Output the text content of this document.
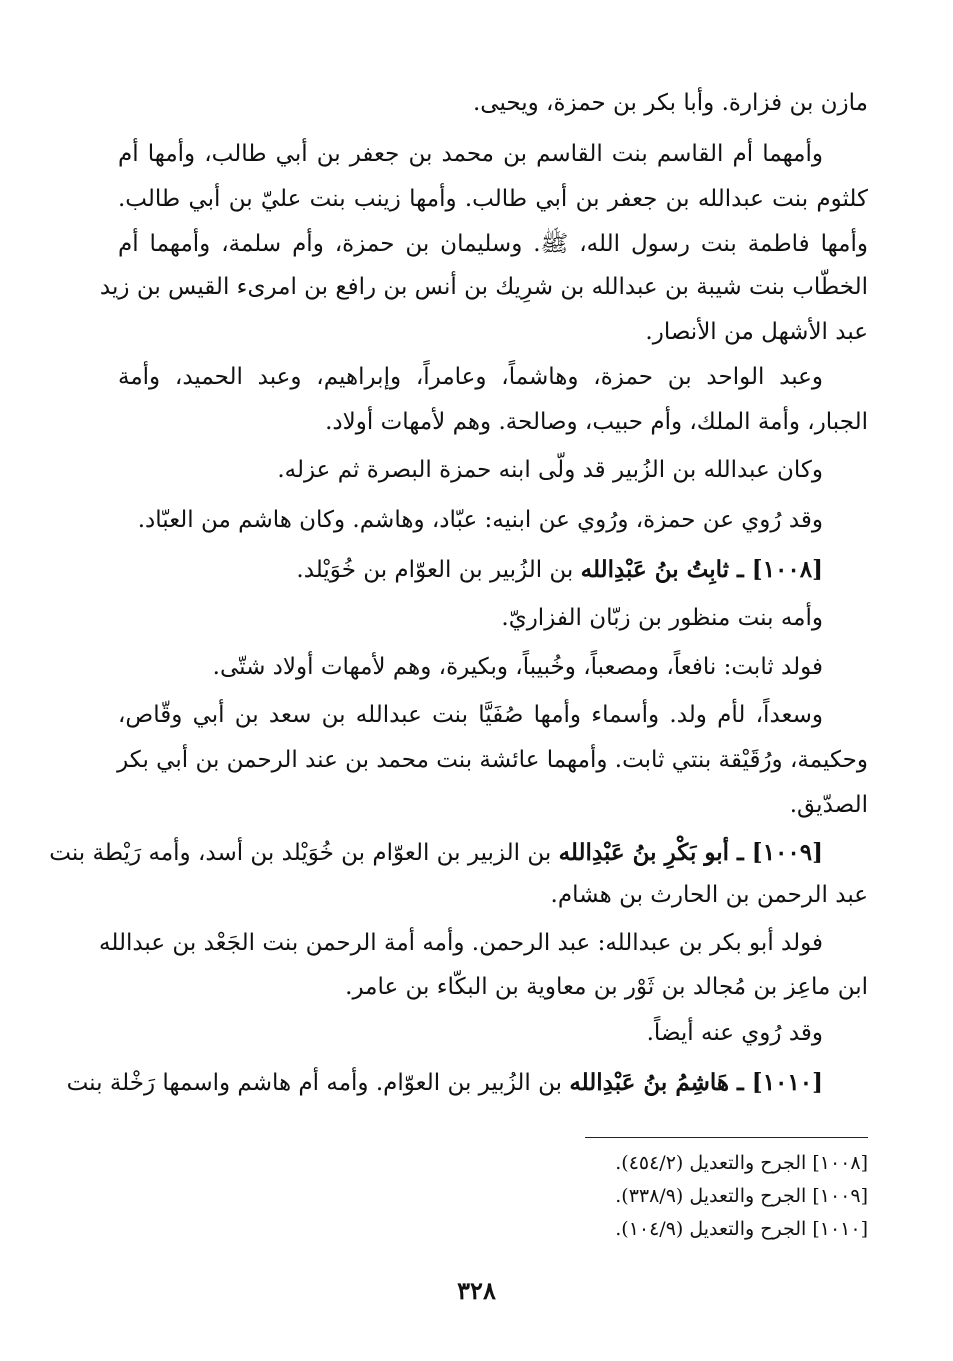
مازن بن فزارة. وأبا بكر بن حمزة، ويحيى.
وأمهما أم القاسم بنت القاسم بن محمد بن جعفر بن أبي طالب، وأمها أم
كلثوم بنت عبدالله بن جعفر بن أبي طالب. وأمها زينب بنت عليّ بن أبي طالب.
وأمها فاطمة بنت رسول الله، ﷺ. وسليمان بن حمزة، وأم سلمة، وأمهما أم
الخطّاب بنت شيبة بن عبدالله بن شرِيك بن أنس بن رافع بن امرىء القيس بن زيد
عبد الأشهل من الأنصار.
وعبد الواحد بن حمزة، وهاشماً، وعامراً، وإبراهيم، وعبد الحميد، وأمة
الجبار، وأمة الملك، وأم حبيب، وصالحة. وهم لأمهات أولاد.
وكان عبدالله بن الزُبير قد ولّى ابنه حمزة البصرة ثم عزله.
وقد رُوي عن حمزة، ورُوي عن ابنيه: عبّاد، وهاشم. وكان هاشم من العبّاد.
[١٠٠٨] ـ ثابِتُ بنُ عَبْدِالله بن الزُبير بن العوّام بن خُوَيْلد.
وأمه بنت منظور بن زبّان الفزاريّ.
فولد ثابت: نافعاً، ومصعباً، وخُبيباً، وبكيرة، وهم لأمهات أولاد شتّى.
وسعداً، لأم ولد. وأسماء وأمها صُفَيَّا بنت عبدالله بن سعد بن أبي وقّاص،
وحكيمة، ورُقَيْقة بنتي ثابت. وأمهما عائشة بنت محمد بن عند الرحمن بن أبي بكر
الصدّيق.
[١٠٠٩] ـ أبو بَكْرِ بنُ عَبْدِالله بن الزبير بن العوّام بن خُوَيْلد بن أسد، وأمه رَيْطة بنت
عبد الرحمن بن الحارث بن هشام.
فولد أبو بكر بن عبدالله: عبد الرحمن. وأمه أمة الرحمن بنت الجَعْد بن عبدالله
ابن ماعِز بن مُجالد بن ثَوْر بن معاوية بن البكّاء بن عامر.
وقد رُوي عنه أيضاً.
[١٠١٠] ـ هَاشِمُ بنُ عَبْدِالله بن الزُبير بن العوّام. وأمه أم هاشم واسمها رَخْلة بنت
[١٠٠٨] الجرح والتعديل (٤٥٤/٢).
[١٠٠٩] الجرح والتعديل (٣٣٨/٩).
[١٠١٠] الجرح والتعديل (١٠٤/٩).
٣٢٨
